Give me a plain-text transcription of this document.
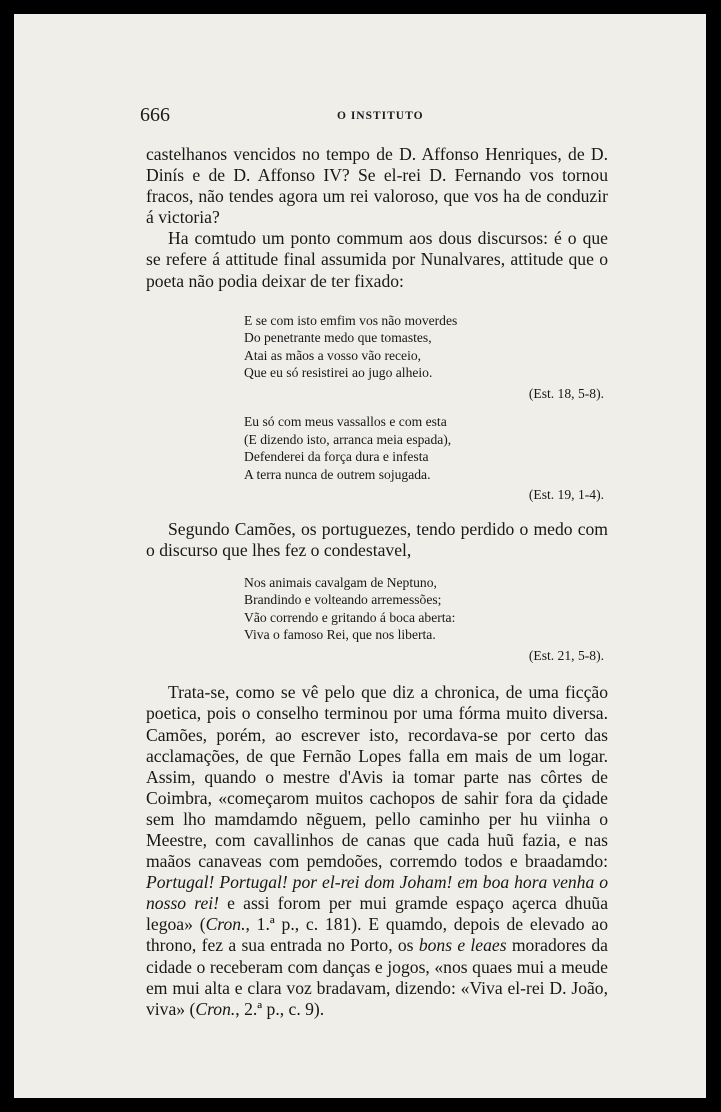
666	O INSTITUTO

castelhanos vencidos no tempo de D. Affonso Henriques, de D. Dinís e de D. Affonso IV? Se el-rei D. Fernando vos tornou fracos, não tendes agora um rei valoroso, que vos ha de conduzir á victoria?

Ha comtudo um ponto commum aos dous discursos: é o que se refere á attitude final assumida por Nunalvares, attitude que o poeta não podia deixar de ter fixado:

E se com isto emfim vos não moverdes
Do penetrante medo que tomastes,
Atai as mãos a vosso vão receio,
Que eu só resistirei ao jugo alheio.
(Est. 18, 5-8).
Eu só com meus vassallos e com esta
(E dizendo isto, arranca meia espada),
Defenderei da força dura e infesta
A terra nunca de outrem sojugada.
(Est. 19, 1-4).

Segundo Camões, os portuguezes, tendo perdido o medo com o discurso que lhes fez o condestavel,

Nos animais cavalgam de Neptuno,
Brandindo e volteando arremessões;
Vão correndo e gritando á boca aberta:
Viva o famoso Rei, que nos liberta.
(Est. 21, 5-8).

Trata-se, como se vê pelo que diz a chronica, de uma ficção poetica, pois o conselho terminou por uma fórma muito diversa. Camões, porém, ao escrever isto, recordava-se por certo das acclamações, de que Fernão Lopes falla em mais de um logar. Assim, quando o mestre d'Avis ia tomar parte nas côrtes de Coimbra, «começarom muitos cachopos de sahir fora da çidade sem lho mamdamdo nẽguem, pello caminho per hu viinha o Meestre, com cavallinhos de canas que cada huũ fazia, e nas maãos canaveas com pemdoões, corremdo todos e braadamdo: Portugal! Portugal! por el-rei dom Joham! em boa hora venha o nosso rei! e assi forom per mui gramde espaço açerca dhuũa legoa» (Cron., 1.ª p., c. 181). E quamdo, depois de elevado ao throno, fez a sua entrada no Porto, os bons e leaes moradores da cidade o receberam com danças e jogos, «nos quaes mui a meude em mui alta e clara voz bradavam, dizendo: «Viva el-rei D. João, viva» (Cron., 2.ª p., c. 9).
